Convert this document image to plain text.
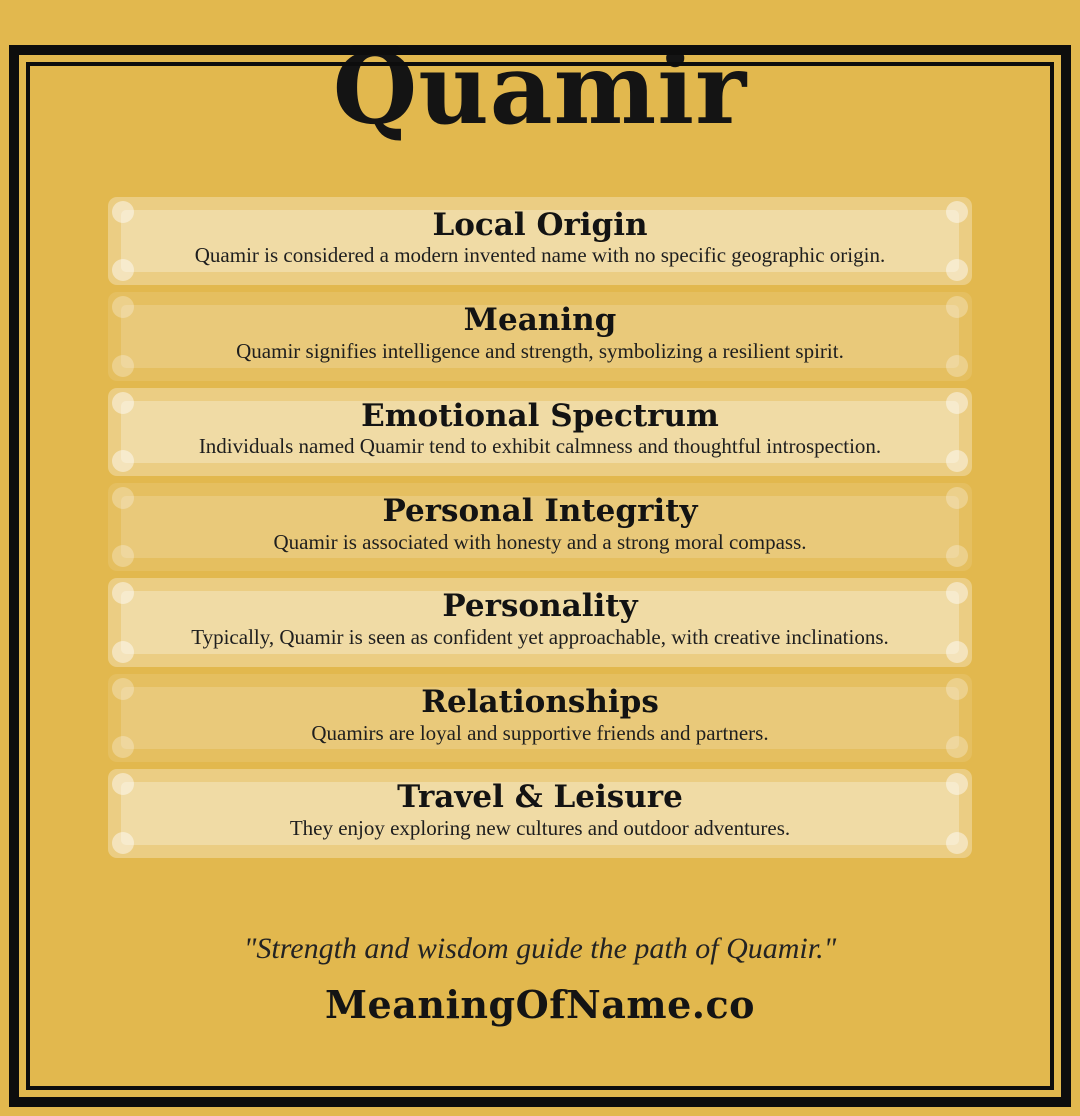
Quamir
Local Origin

Quamir is considered a modern invented name with no specific geographic origin.

Meaning

Quamir signifies intelligence and strength, symbolizing a resilient spirit.

Emotional Spectrum

Individuals named Quamir tend to exhibit calmness and thoughtful introspection.

Personal Integrity

Quamir is associated with honesty and a strong moral compass.

Personality

Typically, Quamir is seen as confident yet approachable, with creative inclinations.

Relationships

Quamirs are loyal and supportive friends and partners.

Travel & Leisure

They enjoy exploring new cultures and outdoor adventures.

"Strength and wisdom guide the path of Quamir."
MeaningOfName.co
